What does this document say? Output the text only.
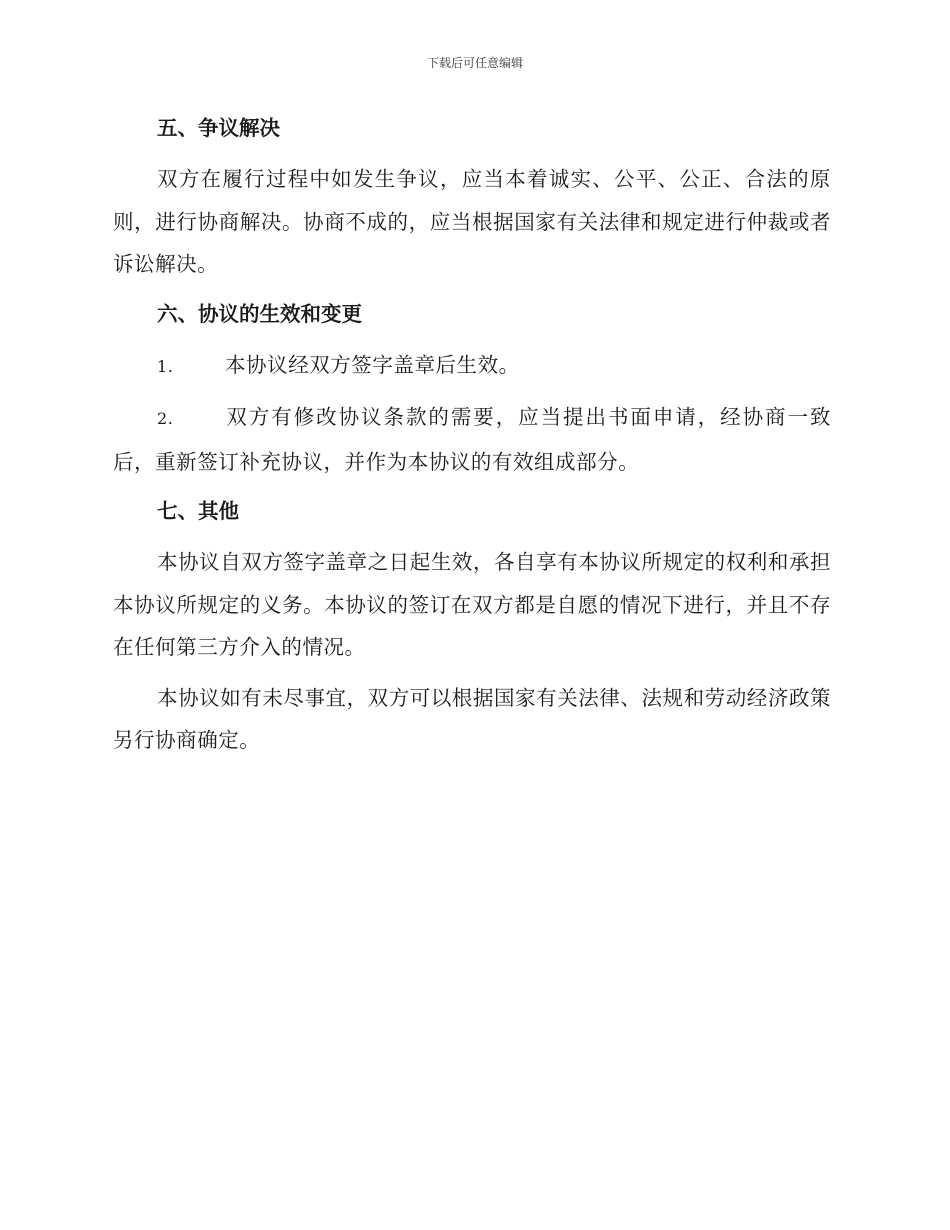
下载后可任意编辑
五、争议解决

双方在履行过程中如发生争议，应当本着诚实、公平、公正、合法的原则，进行协商解决。协商不成的，应当根据国家有关法律和规定进行仲裁或者诉讼解决。

六、协议的生效和变更

1.	本协议经双方签字盖章后生效。

2.	双方有修改协议条款的需要，应当提出书面申请，经协商一致后，重新签订补充协议，并作为本协议的有效组成部分。

七、其他

本协议自双方签字盖章之日起生效，各自享有本协议所规定的权利和承担本协议所规定的义务。本协议的签订在双方都是自愿的情况下进行，并且不存在任何第三方介入的情况。

本协议如有未尽事宜，双方可以根据国家有关法律、法规和劳动经济政策另行协商确定。
